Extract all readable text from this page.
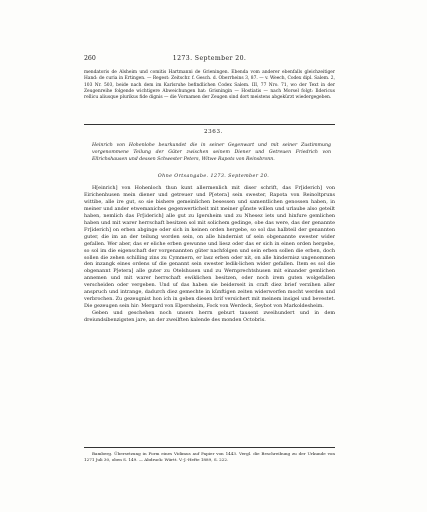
260	1273. September 20.

mendatoris de Alsheim und comitis Hartmanni de Grieningen. Ebenda vom anderer ebenfalls gleichzeitiger Hand: de curia in Ertingen. — Regest: Zeitschr. f. Gesch. d. Oberrheins 3, 87. — v. Weech, Codex dipl. Salem. 2, 103 Nr. 503, beide nach dem im Karlsruhe befindlichen Codex Salem. III, 77 Nro. 71, wo der Text in der Zeugenreihe folgende wichtigere Abweichungen hat: Grisningin — Hostiatis — nach Morsel folgt: Ildericus rellicu aliusque plurikus fide dignis — die Vornamen der Zeugen sind dort meistens abgekürzt wiedergegeben.

2363.

Heinrich von Hohenlohe beurkundet die in seiner Gegenwart und mit seiner Zustimmung vorgenommene Teilung der Güter zwischen seinem Diener und Getreuen Friedrich von Ellrichshausen und dessen Schwester Peters, Witwe Rapots von Reinsbronn.

Ohne Ortsangabe. 1273. September 20.

H[einrich] von Hohenloch thun kunt allermenlich mit diser schrift, das Fr[iderich] von Eirichenhusen mein diener und getreuer und P[etera] sein swester, Rapota von Reinoltpruns wittibe, alle ire gut, so sie bishere gemeinlichen besessen und samentlichen genossen haben, in meiner und ander etwemaniches gegenwerticheit mit meiner gůnste willen und urlaube also geteilt haben, nemlich das Fr[iderich] alle gut zu Igersheim und zu Nhesez iets und hinfure gemlichen haben und mit warer herrschaft besitzen sol mit solichem gedinge, obe das were, das der genannte Fr[iderich] on erben abginge oder sich in keinen orden hergebe, so sol das halbteil der genannten guter, die im an der teilung worden sein, on alle hindernist uf sein obgenannte swester wider gefallen. Wer aber, das er eliche erben gewunne und liesz oder das er sich in einen orden hergebe, so sol im die eigenschaft der vorgenannten güter nachfolgen und sein erben sollen die erben, doch sollen die zehen schilling zins zu Cymmern, er lasz erben oder nit, on alle hindernisz ungenommen den inzangk eines ordens uf die genannt sein swester ledik-lichen wider gefallen. Item es sol die obgenannt P[etera] alle guter zu Otelshusen und zu Wernprechtshusen mit einander gemlichen annemen und mit warer herrschaft ewiklichen besitzen, oder noch irem guten wolgefallen verscheiden oder vergeben. Und uf das haben sie beiderseit in craft diez brief verzihen aller anspruch und intrange, dadurch diez gemechte in künftigen zeiten widerworfen mocht werden und verbrochen. Zu gezeugnist hon ich in geben diesen brif versichert mit meinem insigel und bevestet. Die gezeugen sein hir: Mergard von Elpersheim, Fock von Werdeck, Seybot von Markoldesheim.

Geben und geschehen noch unsers herrn geburt tausent zweihundert und in dem dreiundsibenzigsten jare, an der zweilften kalende des monden Octobris.

Bamberg. Übersetzung in Form eines Vidimus auf Papier von 1443. Vergl. die Beschreibung zu der Urkunde von 1271 Juli 30, oben S. 149. — Abdruck: Württ. V.-J.-Hefte 1889, S. 222.
